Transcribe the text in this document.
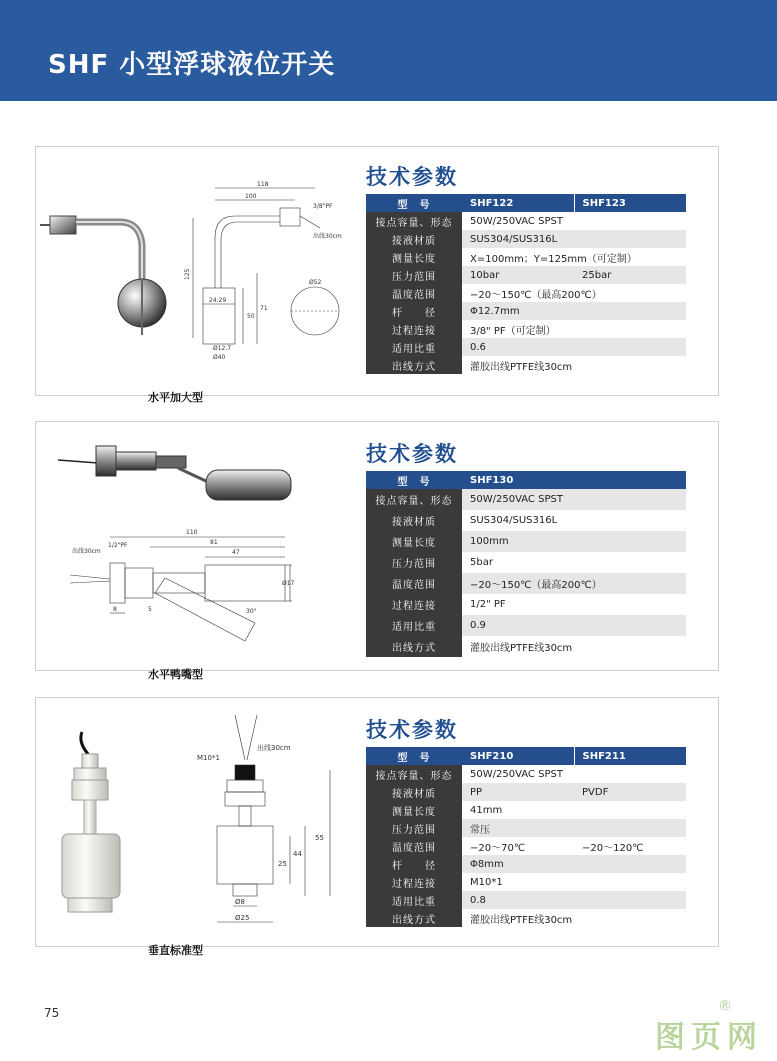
SHF 小型浮球液位开关
118
100
3/8"PF
出线30cm
125
24.29
50
71
Ø12.7
Ø40
Ø52
水平加大型
技术参数
型　号	SHF122	SHF123
接点容量、形态	50W/250VAC SPST	
接液材质	SUS304/SUS316L	
测量长度	X=100mm；Y=125mm（可定制）	
压力范围	10bar	25bar
温度范围	−20～150℃（最高200℃）	
杆　　径	Φ12.7mm	
过程连接	3/8" PF（可定制）	
适用比重	0.6	
出线方式	灌胶出线PTFE线30cm	
110
81
47
1/2"PF
出线30cm
Ø17
8	5	30°
水平鸭嘴型
技术参数
型　号	SHF130
接点容量、形态	50W/250VAC SPST
接液材质	SUS304/SUS316L
测量长度	100mm
压力范围	5bar
温度范围	−20～150℃（最高200℃）
过程连接	1/2" PF
适用比重	0.9
出线方式	灌胶出线PTFE线30cm
出线30cm
M10*1
55
44
25
Ø8
Ø25
垂直标准型
技术参数
型　号	SHF210	SHF211
接点容量、形态	50W/250VAC SPST	
接液材质	PP	PVDF
测量长度	41mm	
压力范围	常压	
温度范围	−20～70℃	−20～120℃
杆　　径	Φ8mm	
过程连接	M10*1	
适用比重	0.8	
出线方式	灌胶出线PTFE线30cm	
75	®
图页网
